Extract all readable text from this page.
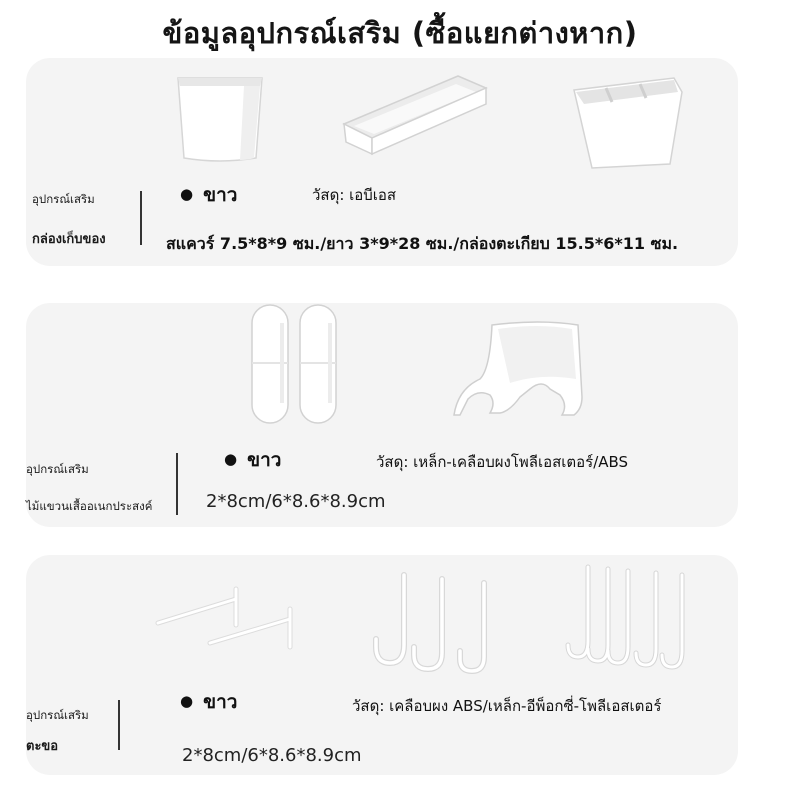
ข้อมูลอุปกรณ์เสริม (ซื้อแยกต่างหาก)
อุปกรณ์เสริม
กล่องเก็บของ
● ขาว	วัสดุ: เอบีเอส
สแควร์ 7.5*8*9 ซม./ยาว 3*9*28 ซม./กล่องตะเกียบ 15.5*6*11 ซม.
อุปกรณ์เสริม
ไม้แขวนเสื้ออเนกประสงค์
● ขาว	วัสดุ: เหล็ก-เคลือบผงโพลีเอสเตอร์/ABS
2*8cm/6*8.6*8.9cm
อุปกรณ์เสริม
ตะขอ
● ขาว	วัสดุ: เคลือบผง ABS/เหล็ก-อีพ็อกซี่-โพลีเอสเตอร์
2*8cm/6*8.6*8.9cm
